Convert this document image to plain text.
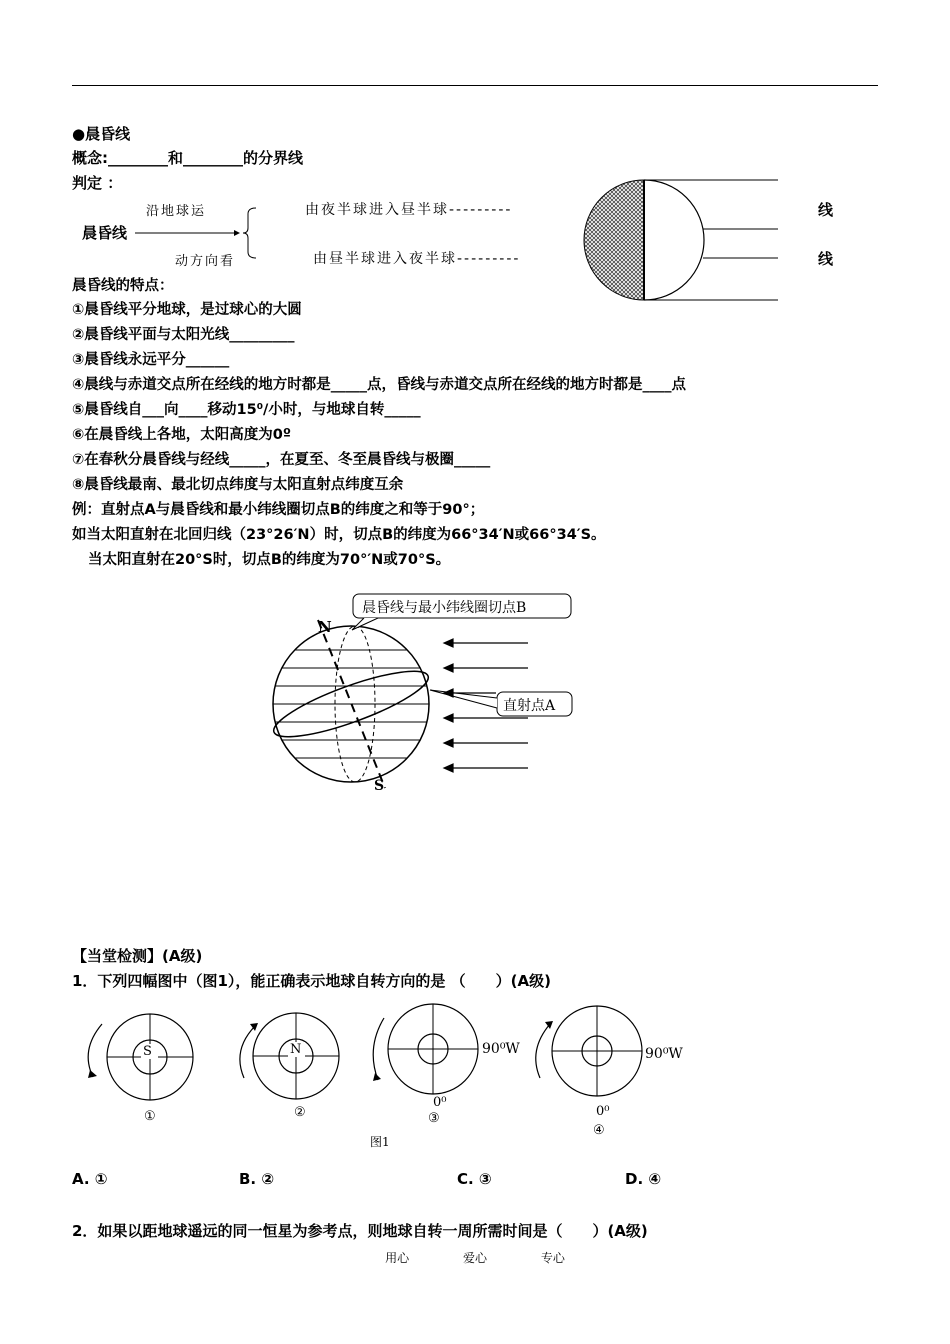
●晨昏线
概念:________和________的分界线
判定 ：
沿地球运
晨昏线
动方向看
由夜半球进入昼半球---------
由昼半球进入夜半球---------
线
线
晨昏线的特点：
①晨昏线平分地球，是过球心的大圆
②晨昏线平面与太阳光线_________
③晨昏线永远平分______
④晨线与赤道交点所在经线的地方时都是_____点，昏线与赤道交点所在经线的地方时都是____点
⑤晨昏线自___向____移动15⁰/小时，与地球自转_____
⑥在晨昏线上各地，太阳高度为0º
⑦在春秋分晨昏线与经线_____，在夏至、冬至晨昏线与极圈_____
⑧晨昏线最南、最北切点纬度与太阳直射点纬度互余
例：直射点A与晨昏线和最小纬线圈切点B的纬度之和等于90°；
如当太阳直射在北回归线（23°26′N）时，切点B的纬度为66°34′N或66°34′S。
当太阳直射在20°S时，切点B的纬度为70°′N或70°S。
N
S
晨昏线与最小纬线圈切点B
直射点A
【当堂检测】(A级)
1．下列四幅图中（图1），能正确表示地球自转方向的是 （　　）(A级)
S
①
N
②
90⁰W
0⁰
③
90⁰W
0⁰
④
图1
A. ①	B. ②	C. ③	D. ④
2．如果以距地球遥远的同一恒星为参考点，则地球自转一周所需时间是（　　）(A级)
用心	爱心	专心
